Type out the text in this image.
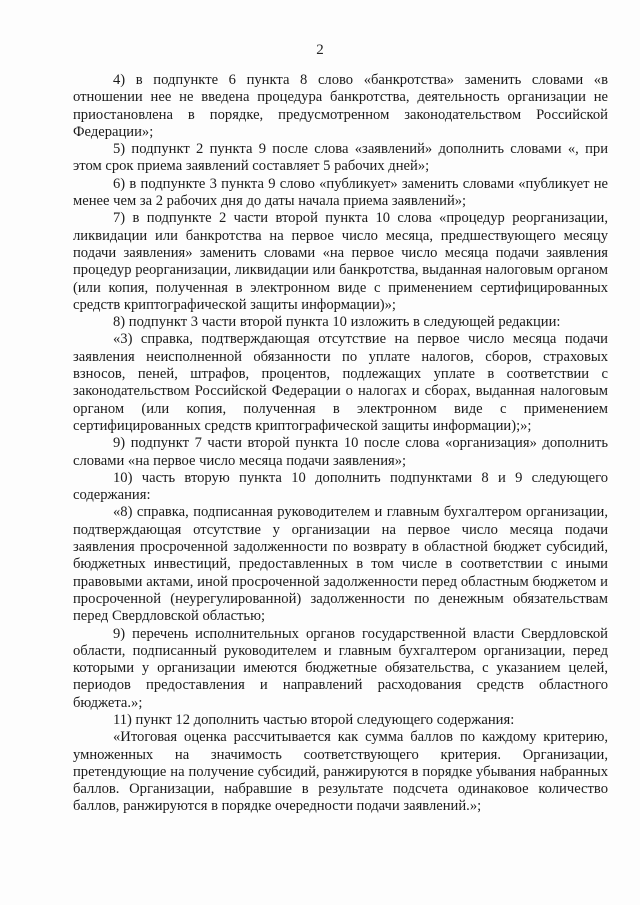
2

4) в подпункте 6 пункта 8 слово «банкротства» заменить словами «в отношении нее не введена процедура банкротства, деятельность организации не приостановлена в порядке, предусмотренном законодательством Российской Федерации»;

5) подпункт 2 пункта 9 после слова «заявлений» дополнить словами «, при этом срок приема заявлений составляет 5 рабочих дней»;

6) в подпункте 3 пункта 9 слово «публикует» заменить словами «публикует не менее чем за 2 рабочих дня до даты начала приема заявлений»;

7) в подпункте 2 части второй пункта 10 слова «процедур реорганизации, ликвидации или банкротства на первое число месяца, предшествующего месяцу подачи заявления» заменить словами «на первое число месяца подачи заявления процедур реорганизации, ликвидации или банкротства, выданная налоговым органом (или копия, полученная в электронном виде с применением сертифицированных средств криптографической защиты информации)»;

8) подпункт 3 части второй пункта 10 изложить в следующей редакции:

«3) справка, подтверждающая отсутствие на первое число месяца подачи заявления неисполненной обязанности по уплате налогов, сборов, страховых взносов, пеней, штрафов, процентов, подлежащих уплате в соответствии с законодательством Российской Федерации о налогах и сборах, выданная налоговым органом (или копия, полученная в электронном виде с применением сертифицированных средств криптографической защиты информации);»;

9) подпункт 7 части второй пункта 10 после слова «организация» дополнить словами «на первое число месяца подачи заявления»;

10) часть вторую пункта 10 дополнить подпунктами 8 и 9 следующего содержания:

«8) справка, подписанная руководителем и главным бухгалтером организации, подтверждающая отсутствие у организации на первое число месяца подачи заявления просроченной задолженности по возврату в областной бюджет субсидий, бюджетных инвестиций, предоставленных в том числе в соответствии с иными правовыми актами, иной просроченной задолженности перед областным бюджетом и просроченной (неурегулированной) задолженности по денежным обязательствам перед Свердловской областью;

9) перечень исполнительных органов государственной власти Свердловской области, подписанный руководителем и главным бухгалтером организации, перед которыми у организации имеются бюджетные обязательства, с указанием целей, периодов предоставления и направлений расходования средств областного бюджета.»;

11) пункт 12 дополнить частью второй следующего содержания:

«Итоговая оценка рассчитывается как сумма баллов по каждому критерию, умноженных на значимость соответствующего критерия. Организации, претендующие на получение субсидий, ранжируются в порядке убывания набранных баллов. Организации, набравшие в результате подсчета одинаковое количество баллов, ранжируются в порядке очередности подачи заявлений.»;
